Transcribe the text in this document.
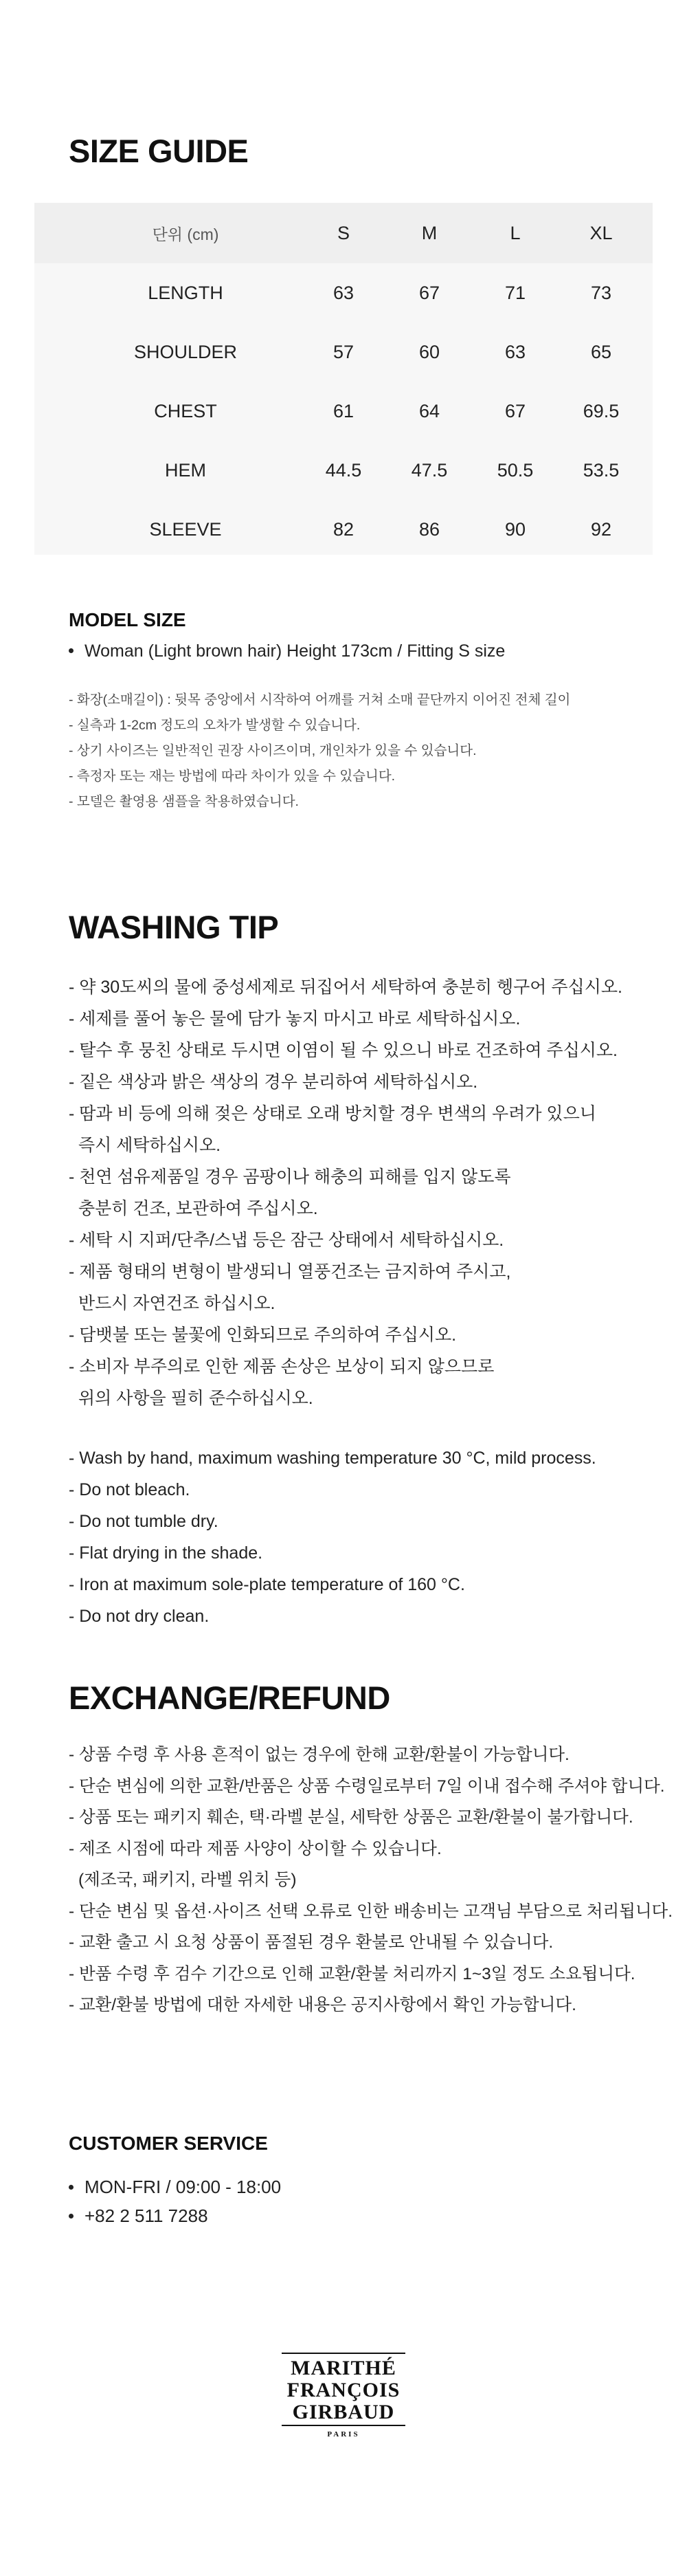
SIZE GUIDE
단위 (cm)	S	M	L	XL
LENGTH	63	67	71	73
SHOULDER	57	60	63	65
CHEST	61	64	67	69.5
HEM	44.5	47.5	50.5	53.5
SLEEVE	82	86	90	92
MODEL SIZE
Woman (Light brown hair) Height 173cm / Fitting S size
- 화장(소매길이) : 뒷목 중앙에서 시작하여 어깨를 거쳐 소매 끝단까지 이어진 전체 길이
- 실측과 1-2cm 정도의 오차가 발생할 수 있습니다.
- 상기 사이즈는 일반적인 권장 사이즈이며, 개인차가 있을 수 있습니다.
- 측정자 또는 재는 방법에 따라 차이가 있을 수 있습니다.
- 모델은 촬영용 샘플을 착용하였습니다.
WASHING TIP
- 약 30도씨의 물에 중성세제로 뒤집어서 세탁하여 충분히 헹구어 주십시오.
- 세제를 풀어 놓은 물에 담가 놓지 마시고 바로 세탁하십시오.
- 탈수 후 뭉친 상태로 두시면 이염이 될 수 있으니 바로 건조하여 주십시오.
- 짙은 색상과 밝은 색상의 경우 분리하여 세탁하십시오.
- 땀과 비 등에 의해 젖은 상태로 오래 방치할 경우 변색의 우려가 있으니
즉시 세탁하십시오.
- 천연 섬유제품일 경우 곰팡이나 해충의 피해를 입지 않도록
충분히 건조, 보관하여 주십시오.
- 세탁 시 지퍼/단추/스냅 등은 잠근 상태에서 세탁하십시오.
- 제품 형태의 변형이 발생되니 열풍건조는 금지하여 주시고,
반드시 자연건조 하십시오.
- 담뱃불 또는 불꽃에 인화되므로 주의하여 주십시오.
- 소비자 부주의로 인한 제품 손상은 보상이 되지 않으므로
위의 사항을 필히 준수하십시오.
- Wash by hand, maximum washing temperature 30 °C, mild process.
- Do not bleach.
- Do not tumble dry.
- Flat drying in the shade.
- Iron at maximum sole-plate temperature of 160 °C.
- Do not dry clean.
EXCHANGE/REFUND
- 상품 수령 후 사용 흔적이 없는 경우에 한해 교환/환불이 가능합니다.
- 단순 변심에 의한 교환/반품은 상품 수령일로부터 7일 이내 접수해 주셔야 합니다.
- 상품 또는 패키지 훼손, 택·라벨 분실, 세탁한 상품은 교환/환불이 불가합니다.
- 제조 시점에 따라 제품 사양이 상이할 수 있습니다.
(제조국, 패키지, 라벨 위치 등)
- 단순 변심 및 옵션·사이즈 선택 오류로 인한 배송비는 고객님 부담으로 처리됩니다.
- 교환 출고 시 요청 상품이 품절된 경우 환불로 안내될 수 있습니다.
- 반품 수령 후 검수 기간으로 인해 교환/환불 처리까지 1~3일 정도 소요됩니다.
- 교환/환불 방법에 대한 자세한 내용은 공지사항에서 확인 가능합니다.
CUSTOMER SERVICE
MON-FRI / 09:00 - 18:00
+82 2 511 7288
MARITHÉ
FRANÇOIS
GIRBAUD
PARIS
